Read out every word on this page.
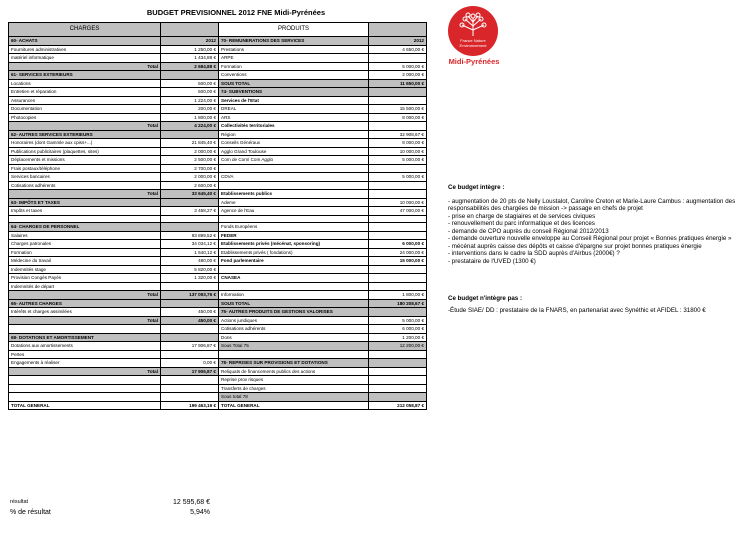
BUDGET PREVISIONNEL 2012 FNE Midi-Pyrénées
France Nature
Environnement
Midi-Pyrénées
CHARGES		PRODUITS	
60- ACHATS	2012	70- REMUNERATIONS DES SERVICES	2012
Fournitures administratives	1 250,00 €	Prestations	4 650,00 €
matériel informatique	1 434,88 €	ARPE	
Total	2 684,88 €	Formation	5 000,00 €
61- SERVICES EXTERIEURS		Conventions	2 000,00 €
Locations	500,00 €	SOUS TOTAL	11 650,00 €
Entretien et réparation	500,00 €	74- SUBVENTIONS	
Assurances	1 224,00 €	Services de l'Etat	
Documentation	200,00 €	DREAL	15 500,00 €
Photocopies	1 800,00 €	ARS	8 000,00 €
Total	4 224,00 €	Collectivités territoriales	
62- AUTRES SERVICES EXTERIEURS		Région	32 908,67 €
Honoraires (dont Gammle aux cpiss+...)	21 845,40 €	Conseils Généraux	8 000,00 €
Publications publicitaires (plaquettes, sites)	2 000,00 €	Agglo Grand Toulouse	10 000,00 €
Déplacements et missions	2 500,00 €	Com de Com/ Com Agglo	5 000,00 €
Frais postaux/téléphone	2 700,00 €		
Services bancaires	2 000,00 €	CDVA	5 000,00 €
Cotisations adhérents	2 600,00 €		
Total	33 645,40 €	Etablissements publics	
63- IMPÔTS ET TAXES		Ademe	10 000,00 €
Impôts et taxes	3 458,27 €	Agence de l'Eau	47 000,00 €

64- CHARGES DE PERSONNEL		Fonds Européens	
Salaires	93 899,52 €	FEDER	
Charges patronales	34 034,12 €	Etablissements privés (mécénat, sponsoring)	6 000,00 €
Formation	1 540,12 €	Etablissements privés ( fondations)	24 000,00 €
Médecine du travail	480,00 €	Fond parlementaire	15 000,00 €
Indemnités stage	5 820,00 €		
Provision Congés Payés	1 320,00 €	CNASEA	
Indemnités de départ			
Total	137 093,76 €	Information	1 800,00 €
65- AUTRES CHARGES		SOUS TOTAL	180 208,67 €
Intérêts et charges assimilées	450,00 €	75- AUTRES PRODUITS DE GESTIONS VALORISES	
Total	450,00 €	Actions juridiques	5 000,00 €
		Cotisations adhérents	6 000,00 €
68- DOTATIONS ET AMORTISSEMENT		Dons	1 200,00 €
Dotations aux amortissements	17 906,87 €	Sous Total 75	12 200,00 €
Pertes			
Engagements à réaliser	0,00 €	78- REPRISES SUR PROVISIONS ET DOTATIONS	
Total	17 906,87 €	Reliquats de financements publics des actions	
		Reprise prov risques	
		Transferts de charges	
		Sous total 78	
TOTAL GENERAL	199 463,19 €	TOTAL GENERAL	212 058,87 €
résultat	12 595,68 €
% de résultat	5,94%
Ce budget intègre :
- augmentation de 20 pts de Nelly Loustalot, Caroline Creton et Marie-Laure Cambus : augmentation des responsabilités des chargées de mission -> passage en chefs de projet
- prise en charge de stagiaires et de services civiques
- renouvellement du parc informatique et des licences
- demande de CPO auprès du conseil Régional 2012/2013
- demande ouverture nouvelle enveloppe au Conseil Régional pour projet « Bonnes pratiques énergie »
- mécénat auprès caisse des dépôts et caisse d'épargne sur projet bonnes pratiques énergie
- interventions dans le cadre la SDD auprès d'Airbus (2000€) ?
- prestataire de l'UVED (1300 €)
Ce budget n'intègre pas :
-Étude SIAE/ DD : prestataire de la FNARS, en partenariat avec Synéthic et AFIDEL : 31800 €
